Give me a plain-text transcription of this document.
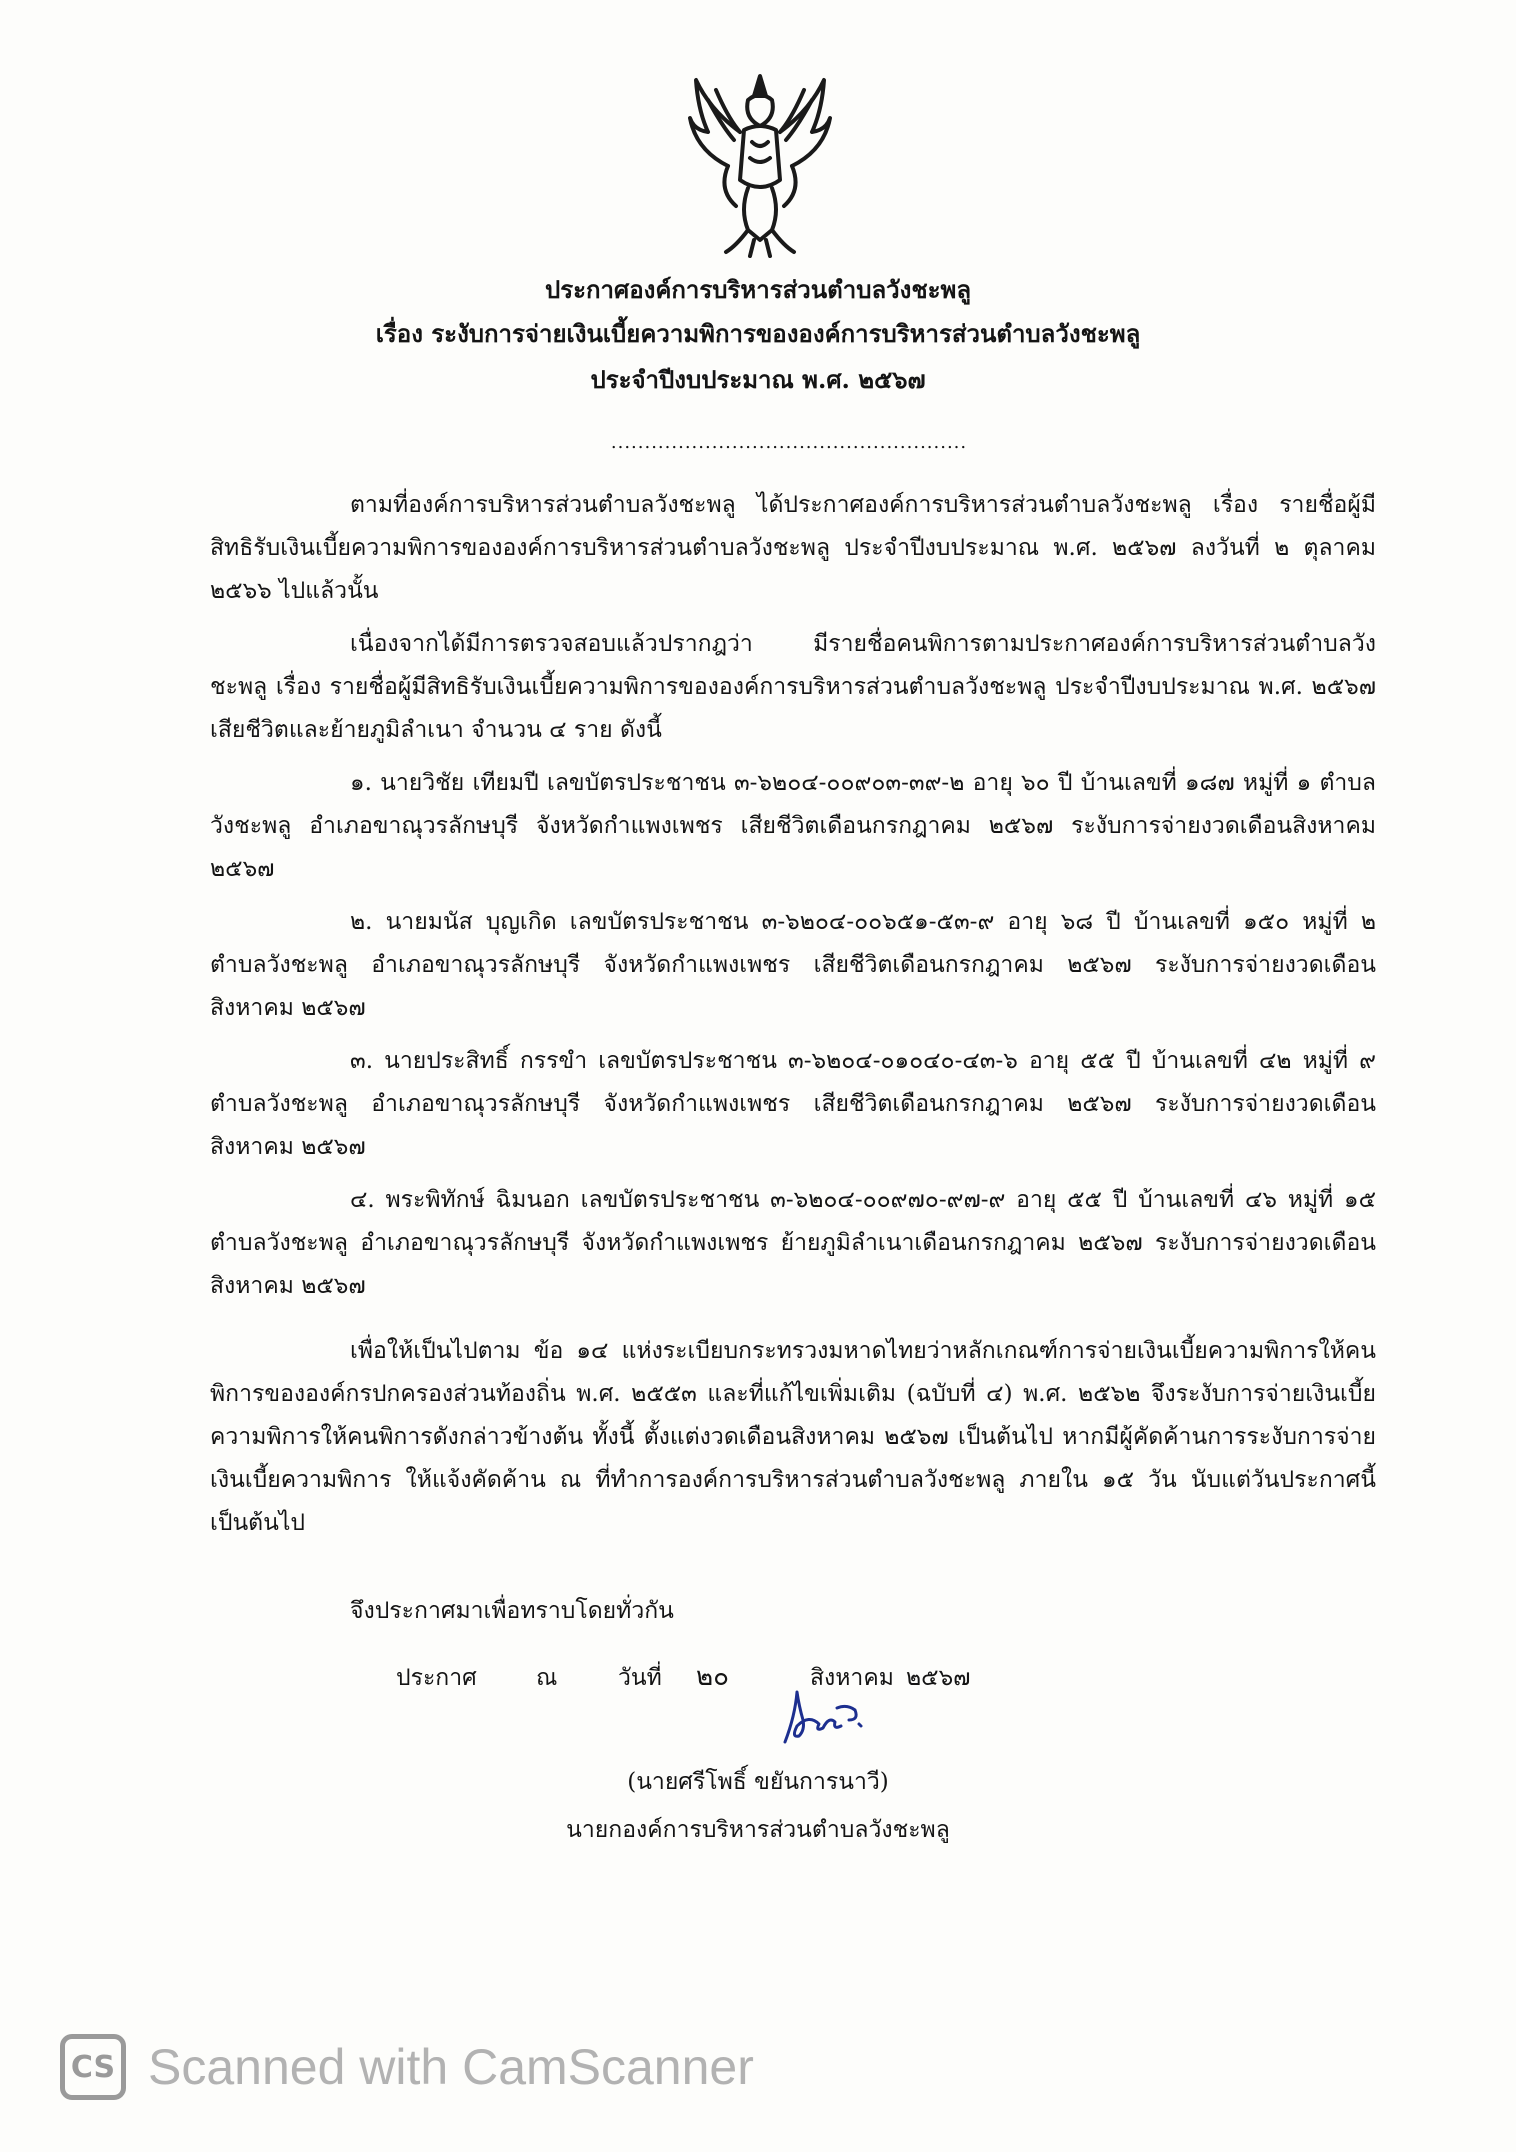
ประกาศองค์การบริหารส่วนตำบลวังชะพลู
เรื่อง ระงับการจ่ายเงินเบี้ยความพิการขององค์การบริหารส่วนตำบลวังชะพลู
ประจำปีงบประมาณ พ.ศ. ๒๕๖๗
.....................................................

ตามที่องค์การบริหารส่วนตำบลวังชะพลู ได้ประกาศองค์การบริหารส่วนตำบลวังชะพลู เรื่อง รายชื่อผู้มีสิทธิรับเงินเบี้ยความพิการขององค์การบริหารส่วนตำบลวังชะพลู ประจำปีงบประมาณ พ.ศ. ๒๕๖๗ ลงวันที่ ๒ ตุลาคม ๒๕๖๖ ไปแล้วนั้น

เนื่องจากได้มีการตรวจสอบแล้วปรากฎว่า มีรายชื่อคนพิการตามประกาศองค์การบริหารส่วนตำบลวังชะพลู เรื่อง รายชื่อผู้มีสิทธิรับเงินเบี้ยความพิการขององค์การบริหารส่วนตำบลวังชะพลู ประจำปีงบประมาณ พ.ศ. ๒๕๖๗ เสียชีวิตและย้ายภูมิลำเนา จำนวน ๔ ราย ดังนี้

๑. นายวิชัย เทียมปี เลขบัตรประชาชน ๓-๖๒๐๔-๐๐๙๐๓-๓๙-๒ อายุ ๖๐ ปี บ้านเลขที่ ๑๘๗ หมู่ที่ ๑ ตำบลวังชะพลู อำเภอขาณุวรลักษบุรี จังหวัดกำแพงเพชร เสียชีวิตเดือนกรกฎาคม ๒๕๖๗ ระงับการจ่ายงวดเดือนสิงหาคม ๒๕๖๗

๒. นายมนัส บุญเกิด เลขบัตรประชาชน ๓-๖๒๐๔-๐๐๖๕๑-๕๓-๙ อายุ ๖๘ ปี บ้านเลขที่ ๑๕๐ หมู่ที่ ๒ ตำบลวังชะพลู อำเภอขาณุวรลักษบุรี จังหวัดกำแพงเพชร เสียชีวิตเดือนกรกฎาคม ๒๕๖๗ ระงับการจ่ายงวดเดือนสิงหาคม ๒๕๖๗

๓. นายประสิทธิ์ กรรขำ เลขบัตรประชาชน ๓-๖๒๐๔-๐๑๐๔๐-๔๓-๖ อายุ ๕๕ ปี บ้านเลขที่ ๔๒ หมู่ที่ ๙ ตำบลวังชะพลู อำเภอขาณุวรลักษบุรี จังหวัดกำแพงเพชร เสียชีวิตเดือนกรกฎาคม ๒๕๖๗ ระงับการจ่ายงวดเดือนสิงหาคม ๒๕๖๗

๔. พระพิทักษ์ ฉิมนอก เลขบัตรประชาชน ๓-๖๒๐๔-๐๐๙๗๐-๙๗-๙ อายุ ๕๕ ปี บ้านเลขที่ ๔๖ หมู่ที่ ๑๕ ตำบลวังชะพลู อำเภอขาณุวรลักษบุรี จังหวัดกำแพงเพชร ย้ายภูมิลำเนาเดือนกรกฎาคม ๒๕๖๗ ระงับการจ่ายงวดเดือนสิงหาคม ๒๕๖๗

เพื่อให้เป็นไปตาม ข้อ ๑๔ แห่งระเบียบกระทรวงมหาดไทยว่าหลักเกณฑ์การจ่ายเงินเบี้ยความพิการให้คนพิการขององค์กรปกครองส่วนท้องถิ่น พ.ศ. ๒๕๕๓ และที่แก้ไขเพิ่มเติม (ฉบับที่ ๔) พ.ศ. ๒๕๖๒ จึงระงับการจ่ายเงินเบี้ยความพิการให้คนพิการดังกล่าวข้างต้น ทั้งนี้ ตั้งแต่งวดเดือนสิงหาคม ๒๕๖๗ เป็นต้นไป หากมีผู้คัดค้านการระงับการจ่ายเงินเบี้ยความพิการ ให้แจ้งคัดค้าน ณ ที่ทำการองค์การบริหารส่วนตำบลวังชะพลู ภายใน ๑๕ วัน นับแต่วันประกาศนี้เป็นต้นไป

จึงประกาศมาเพื่อทราบโดยทั่วกัน
ประกาศ	ณ	วันที่ ๒๐	สิงหาคม ๒๕๖๗
(นายศรีโพธิ์ ขยันการนาวี)
นายกองค์การบริหารส่วนตำบลวังชะพลู
CS Scanned with CamScanner
